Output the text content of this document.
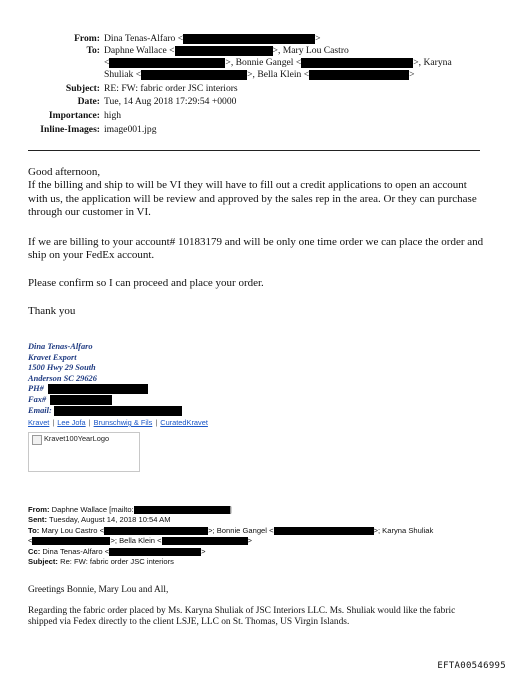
From: Dina Tenas-Alfaro <	>
To: Daphne Wallace <	>, Mary Lou Castro
<	>, Bonnie Gangel <	>, Karyna
Shuliak <	>, Bella Klein <	>
Subject: RE: FW: fabric order JSC interiors
Date: Tue, 14 Aug 2018 17:29:54 +0000
Importance: high
Inline-Images: image001.jpg

Good afternoon,

If the billing and ship to will be VI they will have to fill out a credit applications to open an account with us, the application will be review and approved by the sales rep in the area. Or they can purchase through our customer in VI.

If we are billing to your account# 10183179 and will be only one time order we can place the order and ship on your FedEx account.

Please confirm so I can proceed and place your order.

Thank you

Dina Tenas-Alfaro
Kravet Export
1500 Hwy 29 South
Anderson SC 29626
PH#
Fax#
Email:
Kravet | Lee Jofa | Brunschwig & Fils | CuratedKravet
Kravet100YearLogo
From: Daphne Wallace [mailto:	]
Sent: Tuesday, August 14, 2018 10:54 AM
To: Mary Lou Castro <	>; Bonnie Gangel <	>; Karyna Shuliak
<	>; Bella Klein <	>
Cc: Dina Tenas-Alfaro <	>
Subject: Re: FW: fabric order JSC interiors

Greetings Bonnie, Mary Lou and All,

Regarding the fabric order placed by Ms. Karyna Shuliak of JSC Interiors LLC. Ms. Shuliak would like the fabric shipped via Fedex directly to the client LSJE, LLC on St. Thomas, US Virgin Islands.

EFTA00546995
